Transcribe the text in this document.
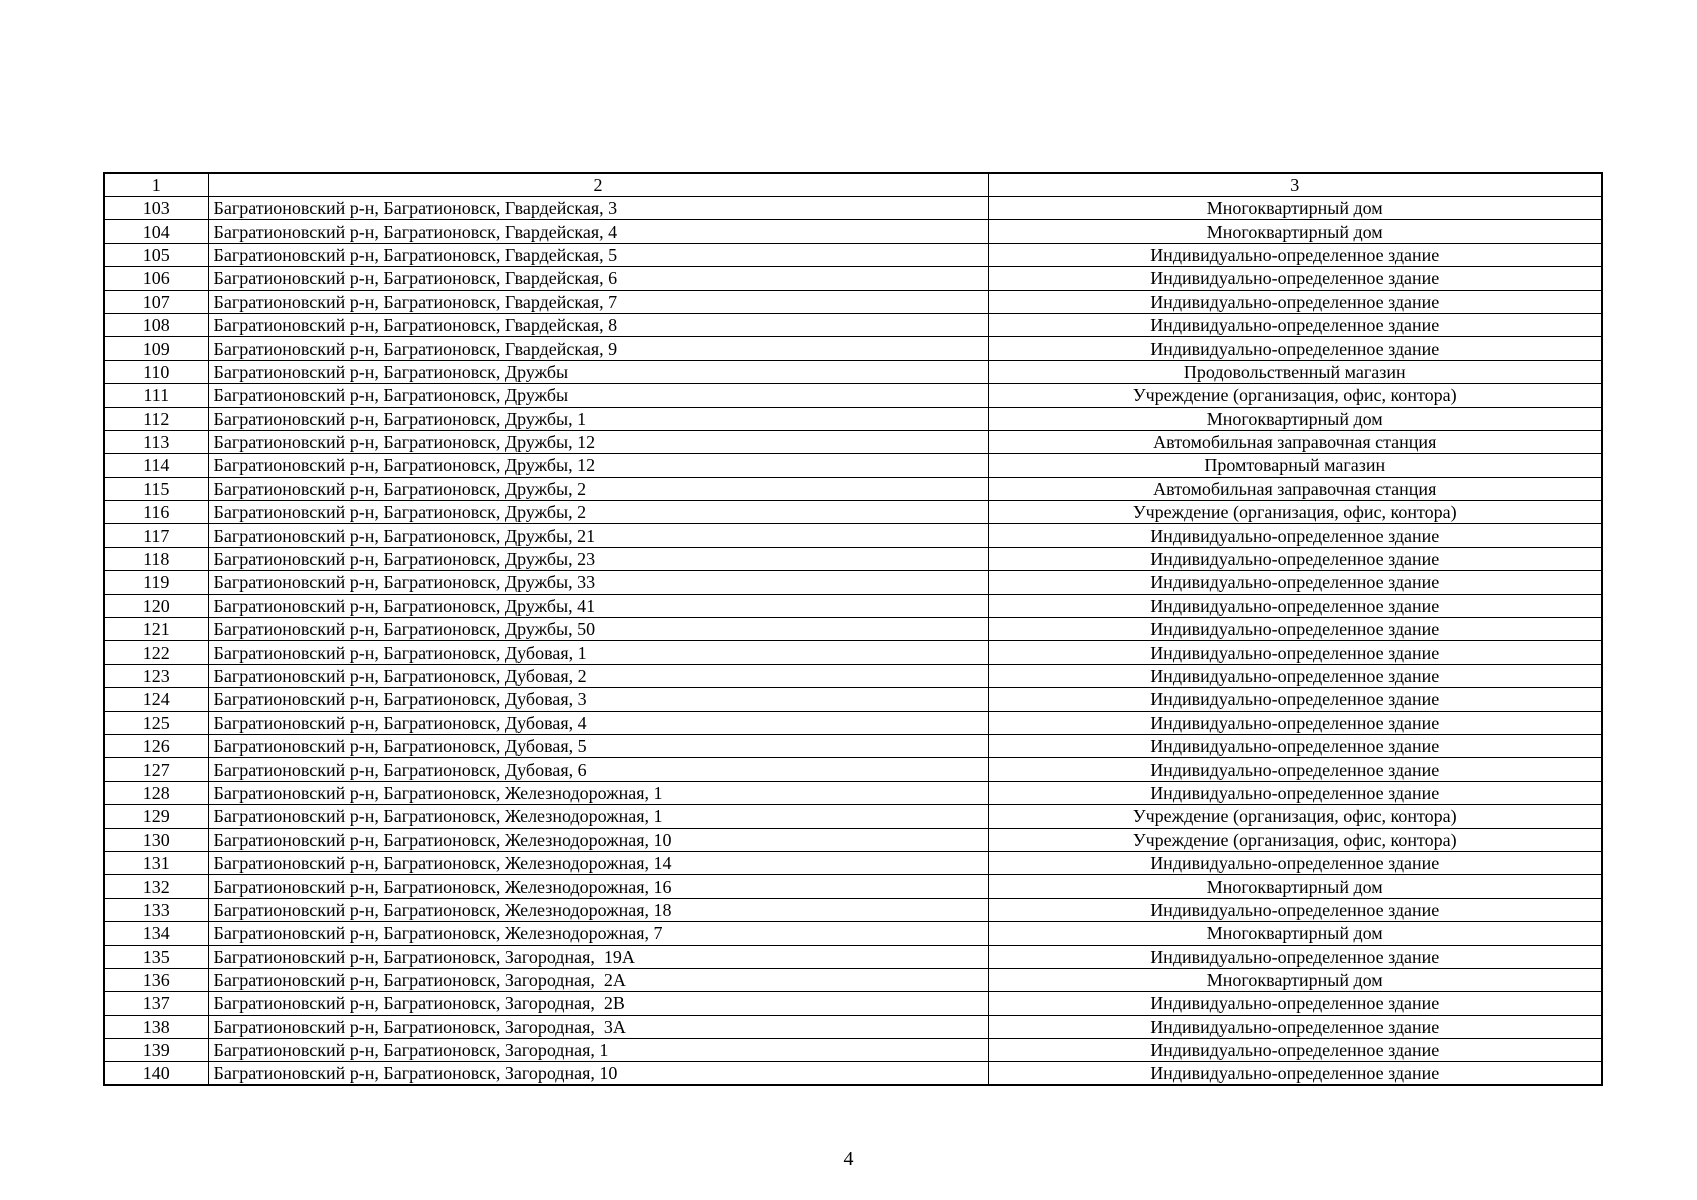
1	2	3
103	Багратионовский р-н, Багратионовск, Гвардейская, 3	Многоквартирный дом
104	Багратионовский р-н, Багратионовск, Гвардейская, 4	Многоквартирный дом
105	Багратионовский р-н, Багратионовск, Гвардейская, 5	Индивидуально-определенное здание
106	Багратионовский р-н, Багратионовск, Гвардейская, 6	Индивидуально-определенное здание
107	Багратионовский р-н, Багратионовск, Гвардейская, 7	Индивидуально-определенное здание
108	Багратионовский р-н, Багратионовск, Гвардейская, 8	Индивидуально-определенное здание
109	Багратионовский р-н, Багратионовск, Гвардейская, 9	Индивидуально-определенное здание
110	Багратионовский р-н, Багратионовск, Дружбы	Продовольственный магазин
111	Багратионовский р-н, Багратионовск, Дружбы	Учреждение (организация, офис, контора)
112	Багратионовский р-н, Багратионовск, Дружбы, 1	Многоквартирный дом
113	Багратионовский р-н, Багратионовск, Дружбы, 12	Автомобильная заправочная станция
114	Багратионовский р-н, Багратионовск, Дружбы, 12	Промтоварный магазин
115	Багратионовский р-н, Багратионовск, Дружбы, 2	Автомобильная заправочная станция
116	Багратионовский р-н, Багратионовск, Дружбы, 2	Учреждение (организация, офис, контора)
117	Багратионовский р-н, Багратионовск, Дружбы, 21	Индивидуально-определенное здание
118	Багратионовский р-н, Багратионовск, Дружбы, 23	Индивидуально-определенное здание
119	Багратионовский р-н, Багратионовск, Дружбы, 33	Индивидуально-определенное здание
120	Багратионовский р-н, Багратионовск, Дружбы, 41	Индивидуально-определенное здание
121	Багратионовский р-н, Багратионовск, Дружбы, 50	Индивидуально-определенное здание
122	Багратионовский р-н, Багратионовск, Дубовая, 1	Индивидуально-определенное здание
123	Багратионовский р-н, Багратионовск, Дубовая, 2	Индивидуально-определенное здание
124	Багратионовский р-н, Багратионовск, Дубовая, 3	Индивидуально-определенное здание
125	Багратионовский р-н, Багратионовск, Дубовая, 4	Индивидуально-определенное здание
126	Багратионовский р-н, Багратионовск, Дубовая, 5	Индивидуально-определенное здание
127	Багратионовский р-н, Багратионовск, Дубовая, 6	Индивидуально-определенное здание
128	Багратионовский р-н, Багратионовск, Железнодорожная, 1	Индивидуально-определенное здание
129	Багратионовский р-н, Багратионовск, Железнодорожная, 1	Учреждение (организация, офис, контора)
130	Багратионовский р-н, Багратионовск, Железнодорожная, 10	Учреждение (организация, офис, контора)
131	Багратионовский р-н, Багратионовск, Железнодорожная, 14	Индивидуально-определенное здание
132	Багратионовский р-н, Багратионовск, Железнодорожная, 16	Многоквартирный дом
133	Багратионовский р-н, Багратионовск, Железнодорожная, 18	Индивидуально-определенное здание
134	Багратионовский р-н, Багратионовск, Железнодорожная, 7	Многоквартирный дом
135	Багратионовский р-н, Багратионовск, Загородная,  19А	Индивидуально-определенное здание
136	Багратионовский р-н, Багратионовск, Загородная,  2А	Многоквартирный дом
137	Багратионовский р-н, Багратионовск, Загородная,  2В	Индивидуально-определенное здание
138	Багратионовский р-н, Багратионовск, Загородная,  3А	Индивидуально-определенное здание
139	Багратионовский р-н, Багратионовск, Загородная, 1	Индивидуально-определенное здание
140	Багратионовский р-н, Багратионовск, Загородная, 10	Индивидуально-определенное здание
4
